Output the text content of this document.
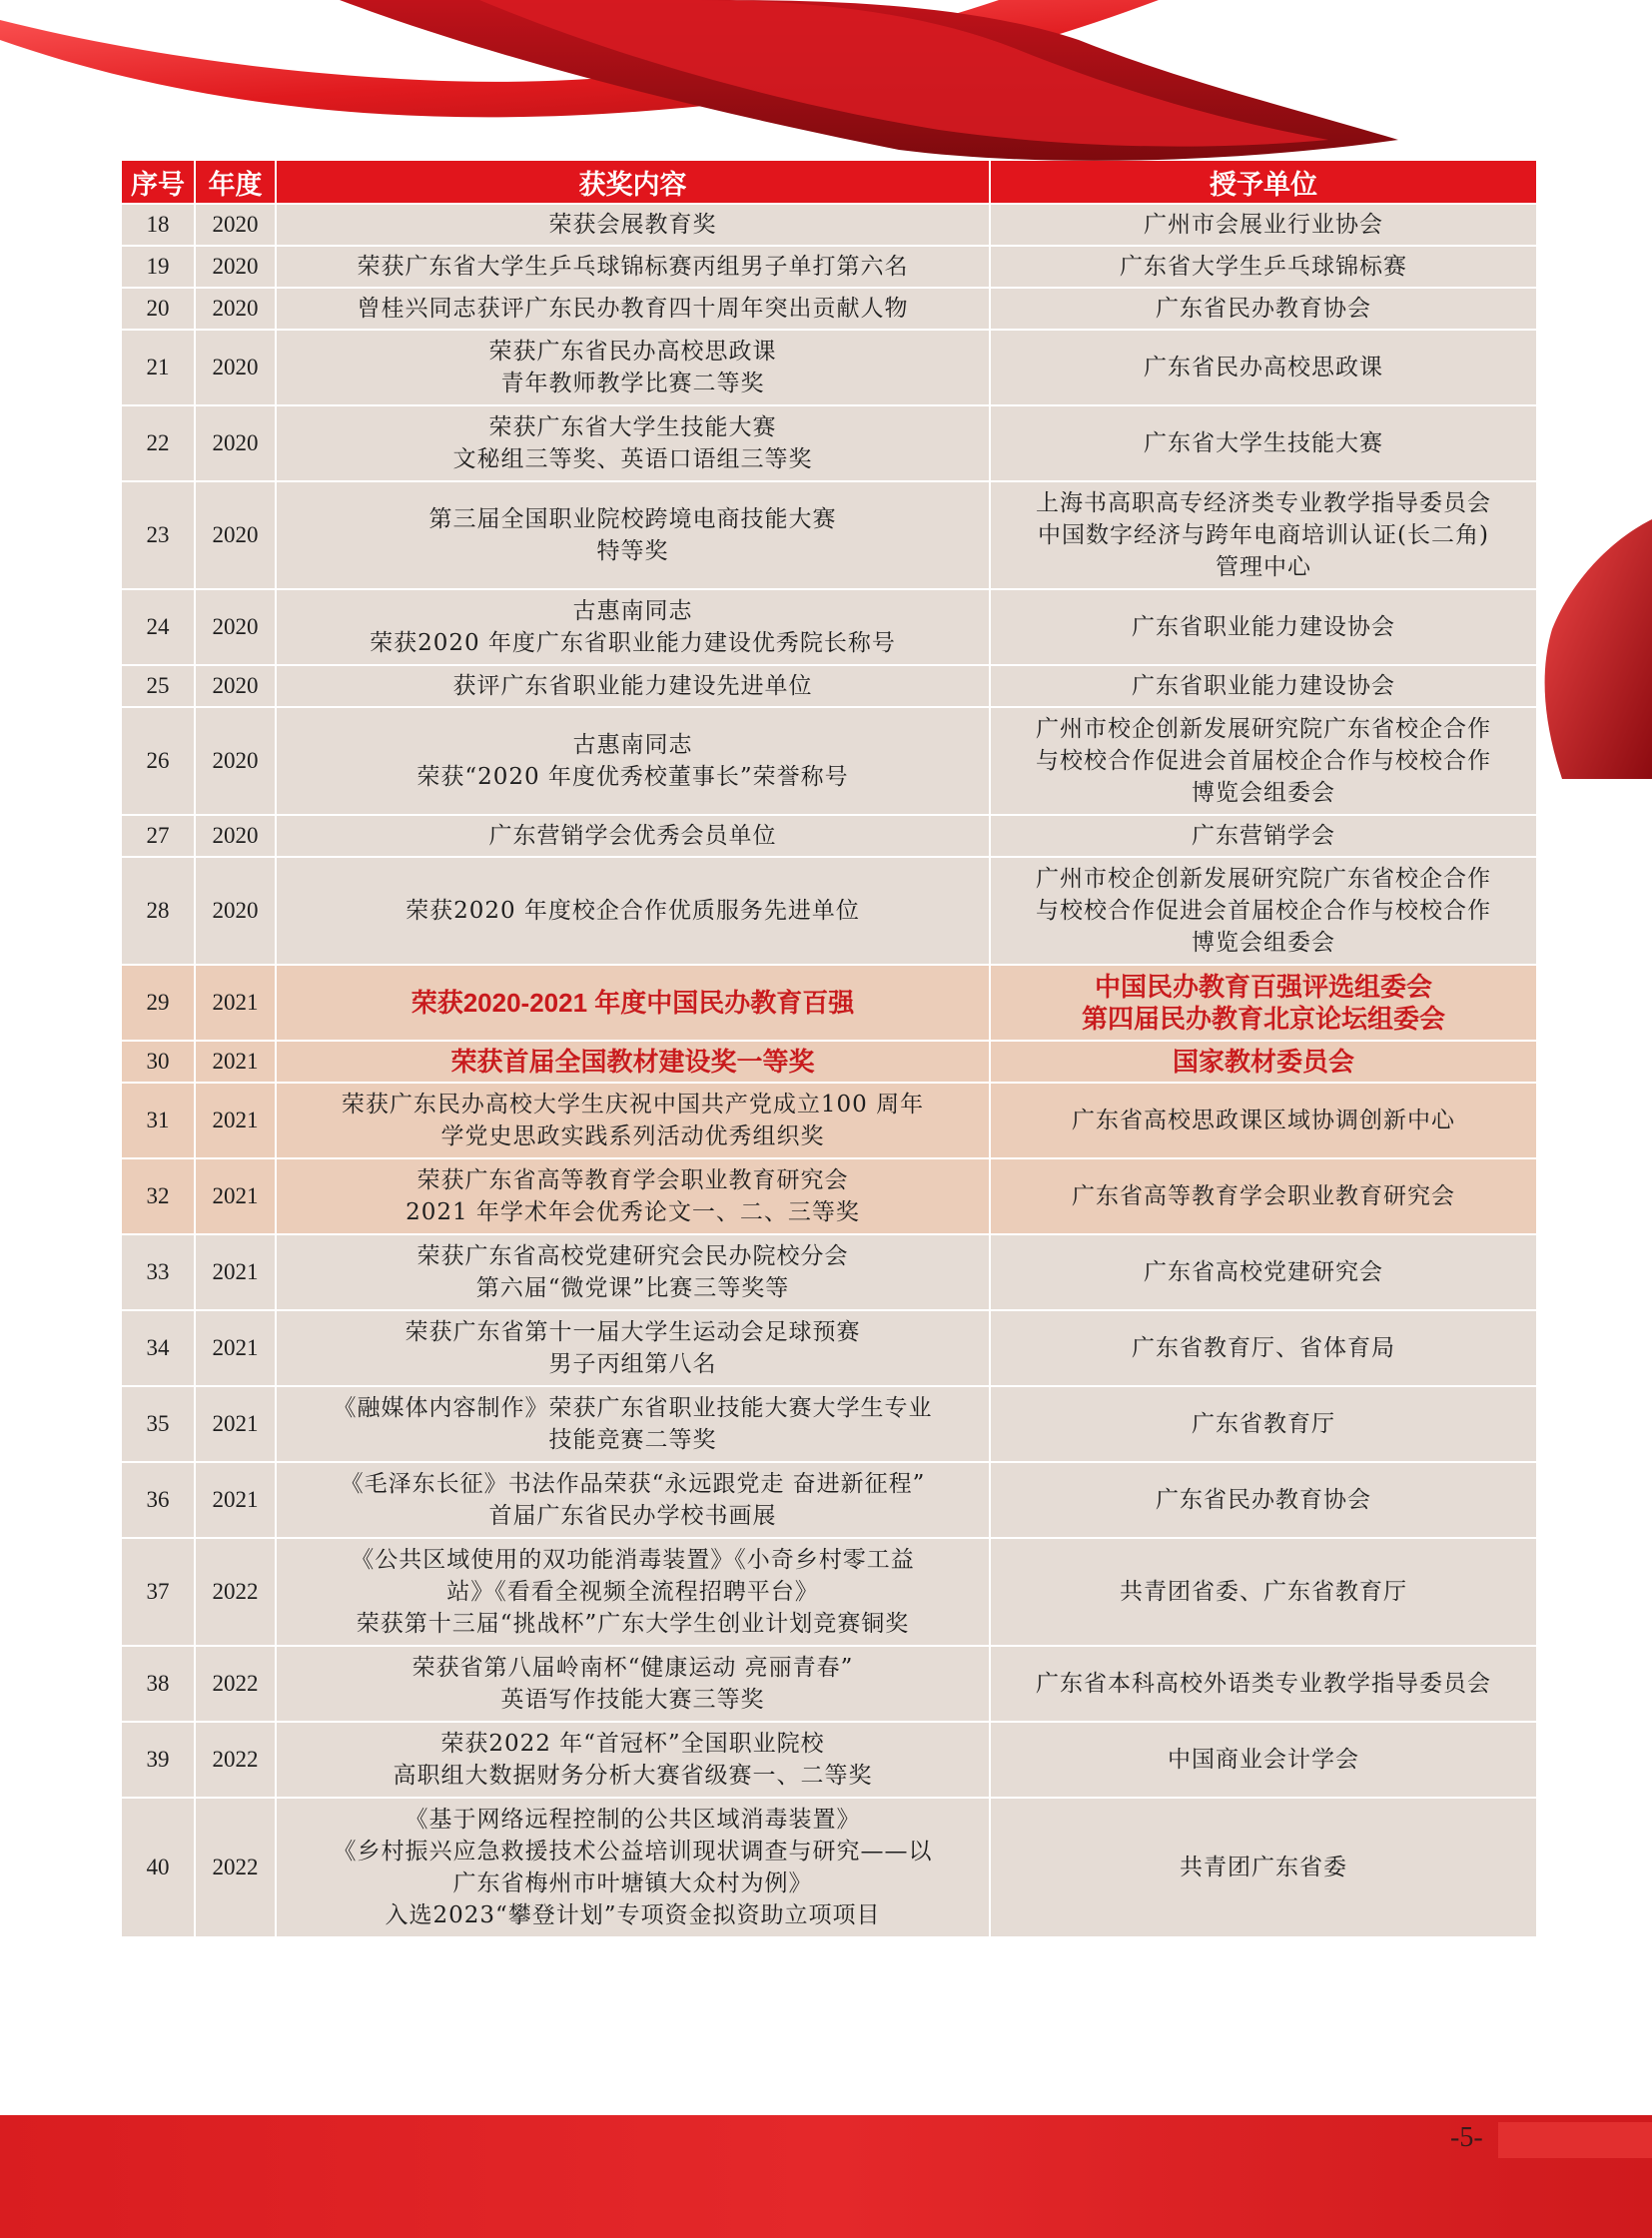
序号	年度	获奖内容	授予单位
18	2020	荣获会展教育奖	广州市会展业行业协会
19	2020	荣获广东省大学生乒乓球锦标赛丙组男子单打第六名	广东省大学生乒乓球锦标赛
20	2020	曾桂兴同志获评广东民办教育四十周年突出贡献人物	广东省民办教育协会
21	2020	荣获广东省民办高校思政课
青年教师教学比赛二等奖	广东省民办高校思政课
22	2020	荣获广东省大学生技能大赛
文秘组三等奖、英语口语组三等奖	广东省大学生技能大赛
23	2020	第三届全国职业院校跨境电商技能大赛
特等奖	上海书高职高专经济类专业教学指导委员会
中国数字经济与跨年电商培训认证(长二角)
管理中心
24	2020	古惠南同志
荣获2020 年度广东省职业能力建设优秀院长称号	广东省职业能力建设协会
25	2020	获评广东省职业能力建设先进单位	广东省职业能力建设协会
26	2020	古惠南同志
荣获“2020 年度优秀校董事长”荣誉称号	广州市校企创新发展研究院广东省校企合作
与校校合作促进会首届校企合作与校校合作
博览会组委会
27	2020	广东营销学会优秀会员单位	广东营销学会
28	2020	荣获2020 年度校企合作优质服务先进单位	广州市校企创新发展研究院广东省校企合作
与校校合作促进会首届校企合作与校校合作
博览会组委会
29	2021	荣获2020-2021 年度中国民办教育百强	中国民办教育百强评选组委会
第四届民办教育北京论坛组委会
30	2021	荣获首届全国教材建设奖一等奖	国家教材委员会
31	2021	荣获广东民办高校大学生庆祝中国共产党成立100 周年
学党史思政实践系列活动优秀组织奖	广东省高校思政课区域协调创新中心
32	2021	荣获广东省高等教育学会职业教育研究会
2021 年学术年会优秀论文一、二、三等奖	广东省高等教育学会职业教育研究会
33	2021	荣获广东省高校党建研究会民办院校分会
第六届“微党课”比赛三等奖等	广东省高校党建研究会
34	2021	荣获广东省第十一届大学生运动会足球预赛
男子丙组第八名	广东省教育厅、省体育局
35	2021	《融媒体内容制作》荣获广东省职业技能大赛大学生专业
技能竞赛二等奖	广东省教育厅
36	2021	《毛泽东长征》书法作品荣获“永远跟党走 奋进新征程”
首届广东省民办学校书画展	广东省民办教育协会
37	2022	《公共区域使用的双功能消毒装置》《小奇乡村零工益
站》《看看全视频全流程招聘平台》
荣获第十三届“挑战杯”广东大学生创业计划竞赛铜奖	共青团省委、广东省教育厅
38	2022	荣获省第八届岭南杯“健康运动 亮丽青春”
英语写作技能大赛三等奖	广东省本科高校外语类专业教学指导委员会
39	2022	荣获2022 年“首冠杯”全国职业院校
高职组大数据财务分析大赛省级赛一、二等奖	中国商业会计学会
40	2022	《基于网络远程控制的公共区域消毒装置》
《乡村振兴应急救援技术公益培训现状调查与研究——以
广东省梅州市叶塘镇大众村为例》
入选2023“攀登计划”专项资金拟资助立项项目	共青团广东省委
-5-
